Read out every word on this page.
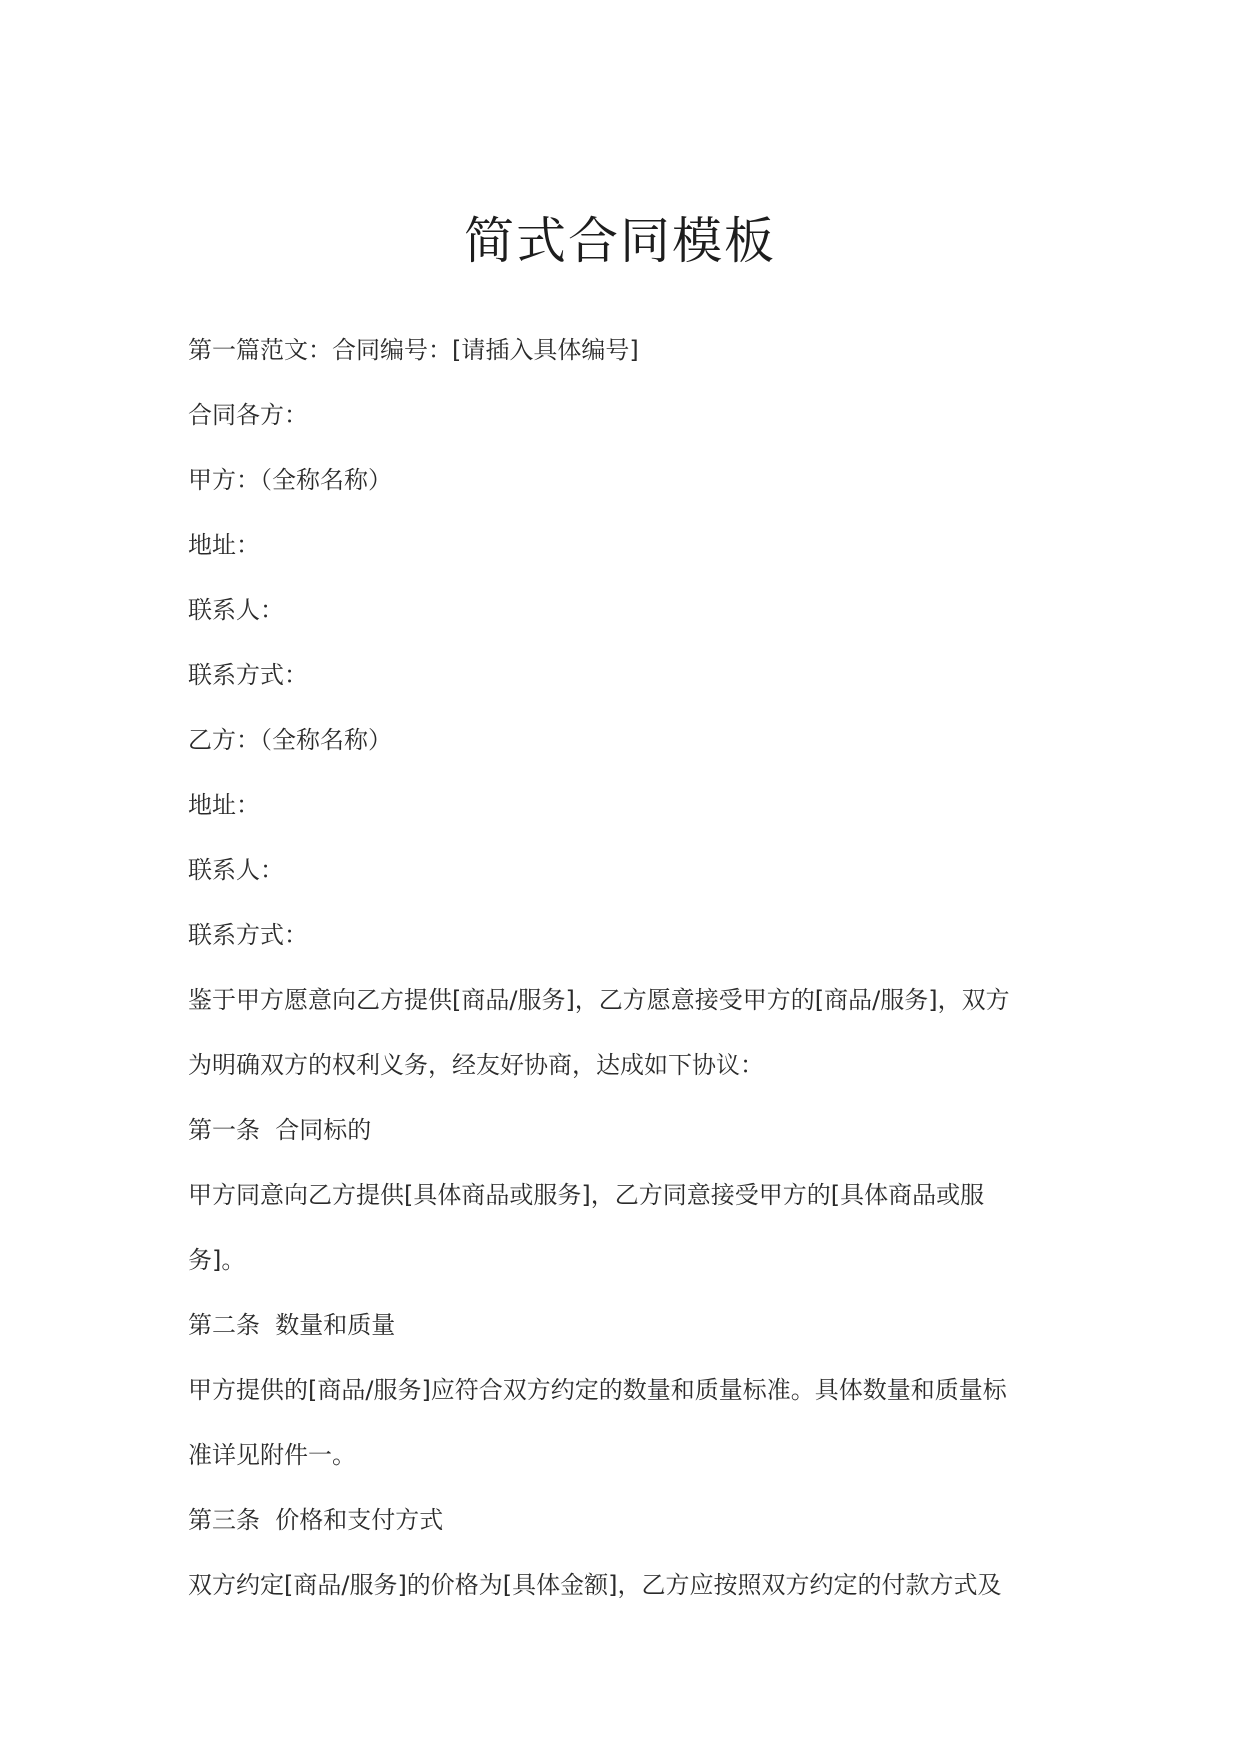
简式合同模板
第一篇范文：合同编号：[请插入具体编号]
合同各方：
甲方：（全称名称）
地址：
联系人：
联系方式：
乙方：（全称名称）
地址：
联系人：
联系方式：
鉴于甲方愿意向乙方提供[商品/服务]，乙方愿意接受甲方的[商品/服务]，双方
为明确双方的权利义务，经友好协商，达成如下协议：
第一条  合同标的
甲方同意向乙方提供[具体商品或服务]，乙方同意接受甲方的[具体商品或服
务]。
第二条  数量和质量
甲方提供的[商品/服务]应符合双方约定的数量和质量标准。具体数量和质量标
准详见附件一。
第三条  价格和支付方式
双方约定[商品/服务]的价格为[具体金额]，乙方应按照双方约定的付款方式及
